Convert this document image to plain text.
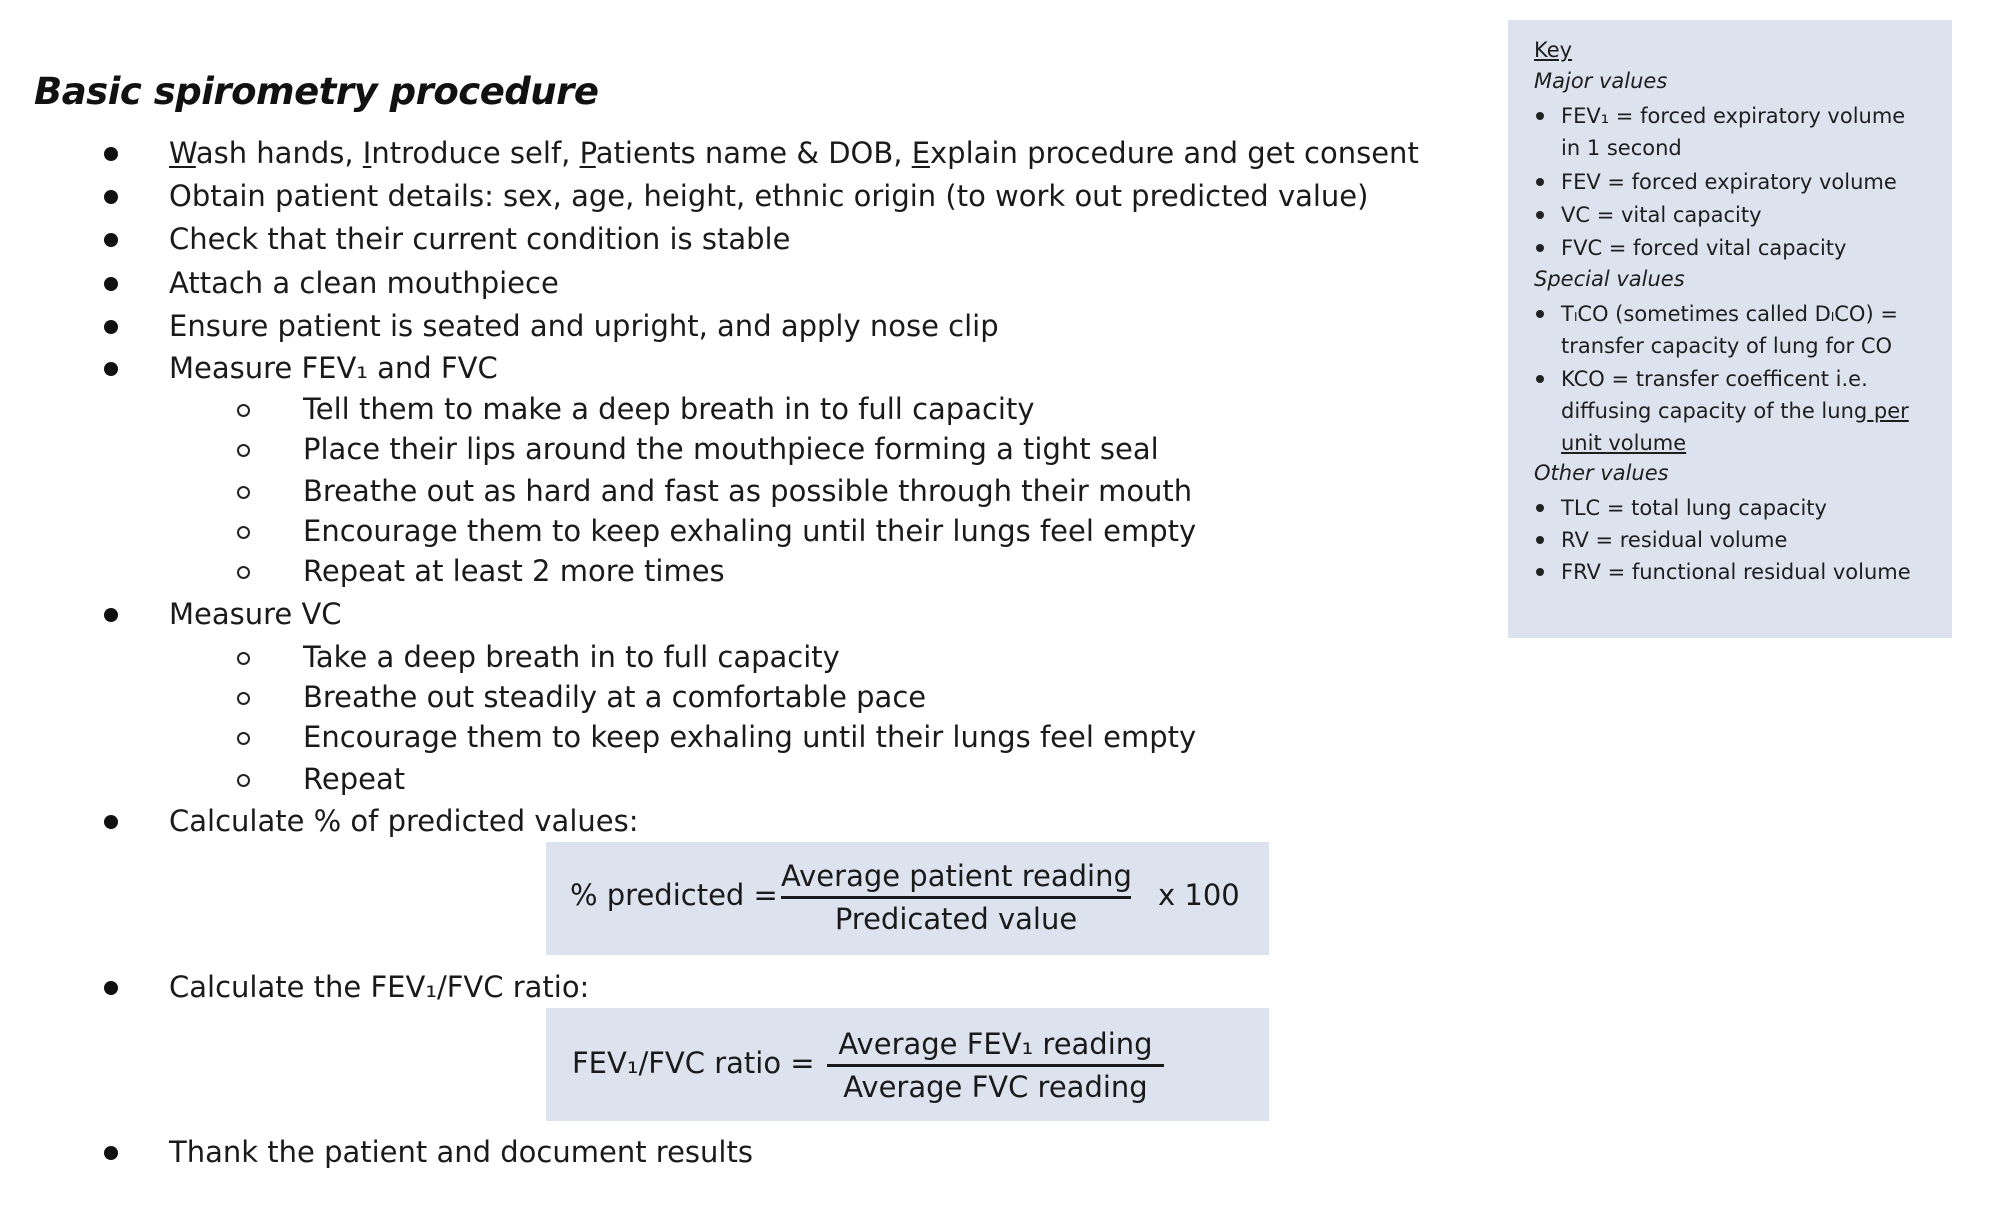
Basic spirometry procedure
Wash hands, Introduce self, Patients name & DOB, Explain procedure and get consent
Obtain patient details: sex, age, height, ethnic origin (to work out predicted value)
Check that their current condition is stable
Attach a clean mouthpiece
Ensure patient is seated and upright, and apply nose clip
Measure FEV₁ and FVC
Tell them to make a deep breath in to full capacity
Place their lips around the mouthpiece forming a tight seal
Breathe out as hard and fast as possible through their mouth
Encourage them to keep exhaling until their lungs feel empty
Repeat at least 2 more times
Measure VC
Take a deep breath in to full capacity
Breathe out steadily at a comfortable pace
Encourage them to keep exhaling until their lungs feel empty
Repeat
Calculate % of predicted values:
% predicted =
Average patient reading
Predicated value
x 100
Calculate the FEV₁/FVC ratio:
FEV₁/FVC ratio =
Average FEV₁ reading
Average FVC reading
Thank the patient and document results
Key
Major values
FEV₁ = forced expiratory volume
in 1 second
FEV = forced expiratory volume
VC = vital capacity
FVC = forced vital capacity
Special values
TₗCO (sometimes called DₗCO) =
transfer capacity of lung for CO
KCO = transfer coefficent i.e.
diffusing capacity of the lung per
unit volume
Other values
TLC = total lung capacity
RV = residual volume
FRV = functional residual volume
